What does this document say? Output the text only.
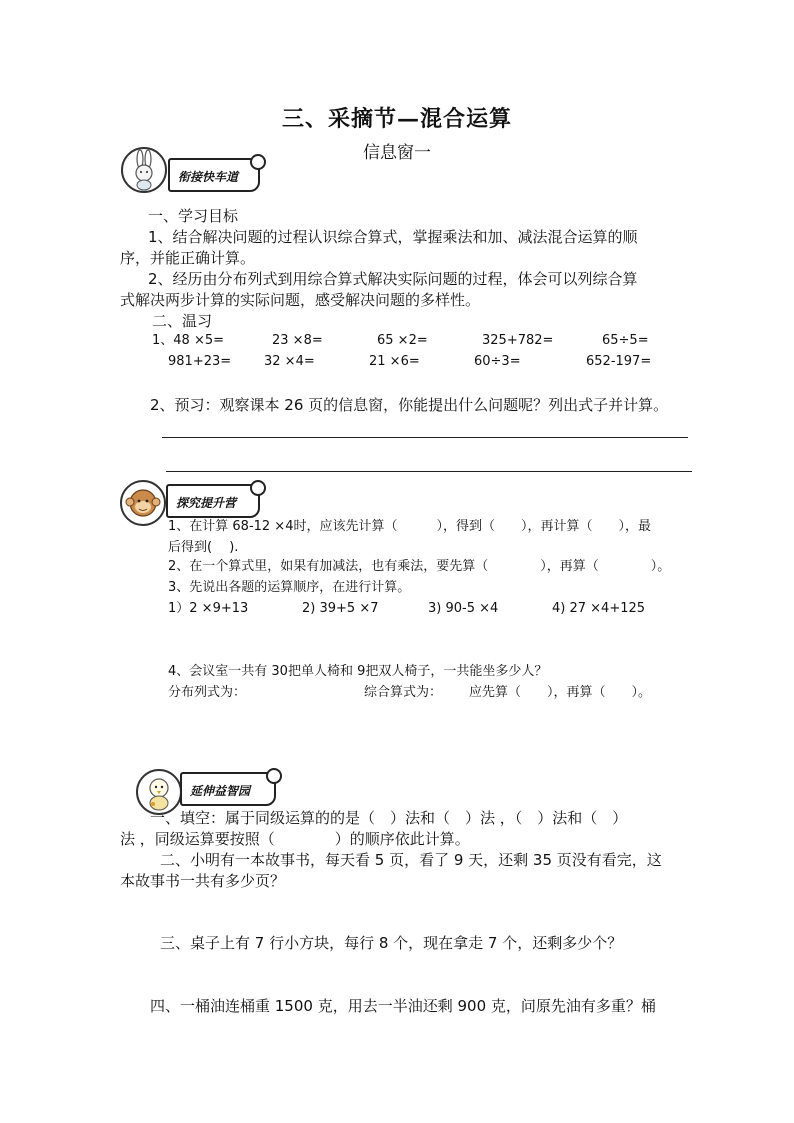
三、采摘节—混合运算
信息窗一
衔接快车道
一、学习目标
1、结合解决问题的过程认识综合算式，掌握乘法和加、减法混合运算的顺
序，并能正确计算。
2、经历由分布列式到用综合算式解决实际问题的过程，体会可以列综合算
式解决两步计算的实际问题，感受解决问题的多样性。
二、温习
1、48 ×5=	23 ×8=	65 ×2=	325+782=	65÷5=
981+23=	32 ×4=	21 ×6=	60÷3=	652-197=
2、预习：观察课本 26 页的信息窗，你能提出什么问题呢？列出式子并计算。
探究提升营
1、在计算 68-12 ×4时，应该先计算（　　　），得到（　　），再计算（　　），最
后得到(　 ).
2、在一个算式里，如果有加减法，也有乘法，要先算（　　　　），再算（　　　　）。
3、先说出各题的运算顺序，在进行计算。
1）2 ×9+13	2) 39+5 ×7	3) 90-5 ×4	4) 27 ×4+125
4、会议室一共有 30把单人椅和 9把双人椅子，一共能坐多少人？
分布列式为：	综合算式为： 应先算（　　），再算（　　）。
延伸益智园
一、填空：属于同级运算的的是（　）法和（　）法 ，（　）法和（　）
法 ，同级运算要按照（　　　　）的顺序依此计算。
二、小明有一本故事书，每天看 5 页，看了 9 天，还剩 35 页没有看完，这
本故事书一共有多少页？
三、桌子上有 7 行小方块，每行 8 个，现在拿走 7 个，还剩多少个？
四、一桶油连桶重 1500 克，用去一半油还剩 900 克，问原先油有多重？桶
